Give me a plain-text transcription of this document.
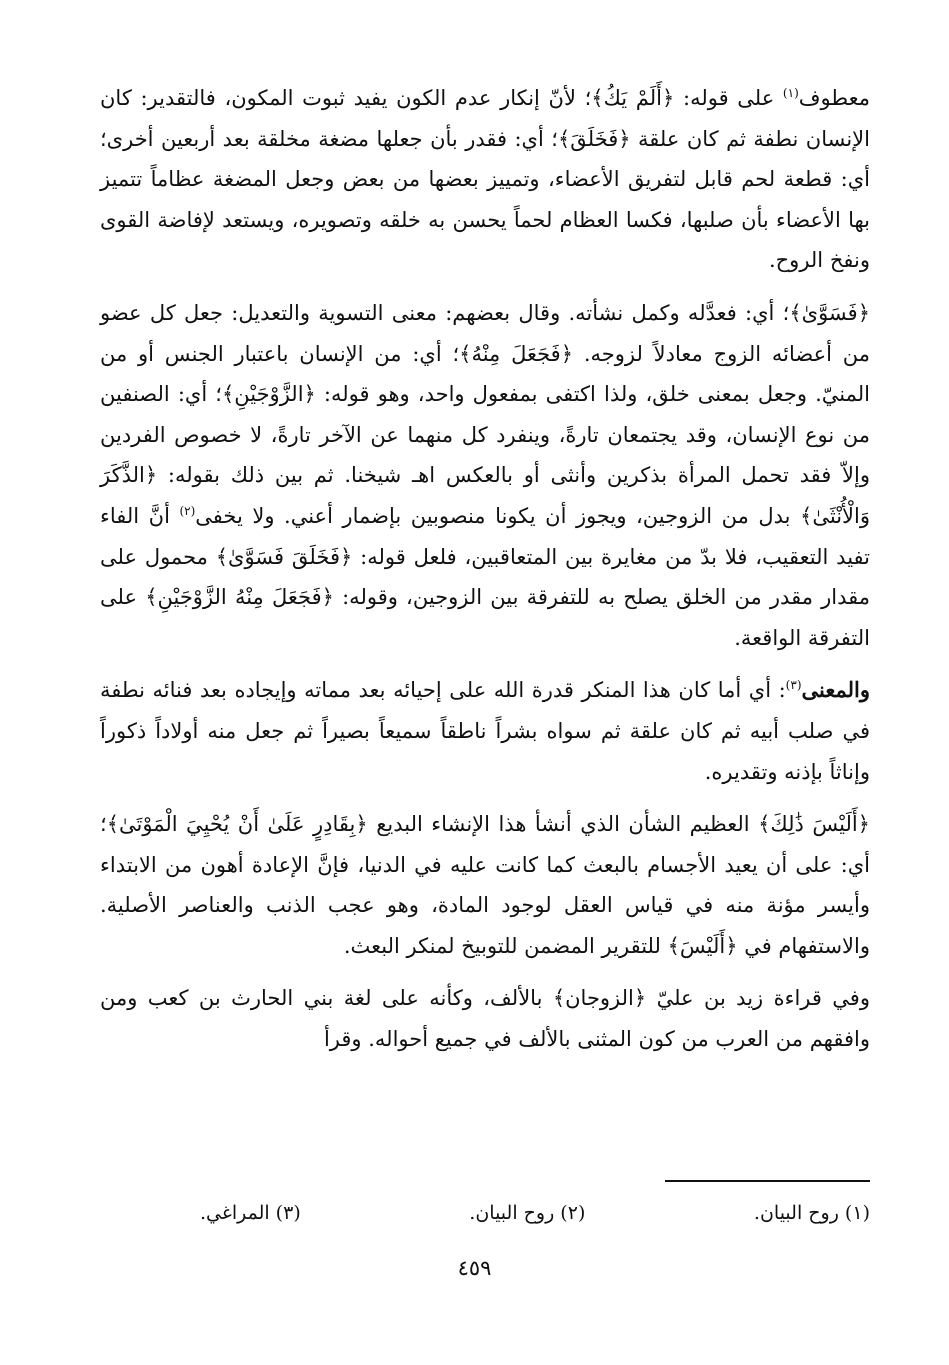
معطوف$^{(١)}$ على قوله: ﴿أَلَمْ يَكُ﴾؛ لأنّ إنكار عدم الكون يفيد ثبوت المكون، فالتقدير: كان الإنسان نطفة ثم كان علقة ﴿فَخَلَقَ﴾؛ أي: فقدر بأن جعلها مضغة مخلقة بعد أربعين أخرى؛ أي: قطعة لحم قابل لتفريق الأعضاء، وتمييز بعضها من بعض وجعل المضغة عظاماً تتميز بها الأعضاء بأن صلبها، فكسا العظام لحماً يحسن به خلقه وتصويره، ويستعد لإفاضة القوى ونفخ الروح.

﴿فَسَوَّىٰ﴾؛ أي: فعدَّله وكمل نشأته. وقال بعضهم: معنى التسوية والتعديل: جعل كل عضو من أعضائه الزوج معادلاً لزوجه. ﴿فَجَعَلَ مِنْهُ﴾؛ أي: من الإنسان باعتبار الجنس أو من المنيّ. وجعل بمعنى خلق، ولذا اكتفى بمفعول واحد، وهو قوله: ﴿الزَّوْجَيْنِ﴾؛ أي: الصنفين من نوع الإنسان، وقد يجتمعان تارةً، وينفرد كل منهما عن الآخر تارةً، لا خصوص الفردين وإلاّ فقد تحمل المرأة بذكرين وأنثى أو بالعكس اهـ شيخنا. ثم بين ذلك بقوله: ﴿الذَّكَرَ وَالْأُنْثَىٰ﴾ بدل من الزوجين، ويجوز أن يكونا منصوبين بإضمار أعني. ولا يخفى$^{(٢)}$ أنَّ الفاء تفيد التعقيب، فلا بدّ من مغايرة بين المتعاقبين، فلعل قوله: ﴿فَخَلَقَ فَسَوَّىٰ﴾ محمول على مقدار مقدر من الخلق يصلح به للتفرقة بين الزوجين، وقوله: ﴿فَجَعَلَ مِنْهُ الزَّوْجَيْنِ﴾ على التفرقة الواقعة.

والمعنى$^{(٣)}$: أي أما كان هذا المنكر قدرة الله على إحيائه بعد مماته وإيجاده بعد فنائه نطفة في صلب أبيه ثم كان علقة ثم سواه بشراً ناطقاً سميعاً بصيراً ثم جعل منه أولاداً ذكوراً وإناثاً بإذنه وتقديره.

﴿أَلَيْسَ ذَٰلِكَ﴾ العظيم الشأن الذي أنشأ هذا الإنشاء البديع ﴿بِقَادِرٍ عَلَىٰ أَنْ يُحْيِيَ الْمَوْتَىٰ﴾؛ أي: على أن يعيد الأجسام بالبعث كما كانت عليه في الدنيا، فإنَّ الإعادة أهون من الابتداء وأيسر مؤنة منه في قياس العقل لوجود المادة، وهو عجب الذنب والعناصر الأصلية. والاستفهام في ﴿أَلَيْسَ﴾ للتقرير المضمن للتوبيخ لمنكر البعث.

وفي قراءة زيد بن عليّ ﴿الزوجان﴾ بالألف، وكأنه على لغة بني الحارث بن كعب ومن وافقهم من العرب من كون المثنى بالألف في جميع أحواله. وقرأ

(١) روح البيان.
(٢) روح البيان.
(٣) المراغي.
٤٥٩
